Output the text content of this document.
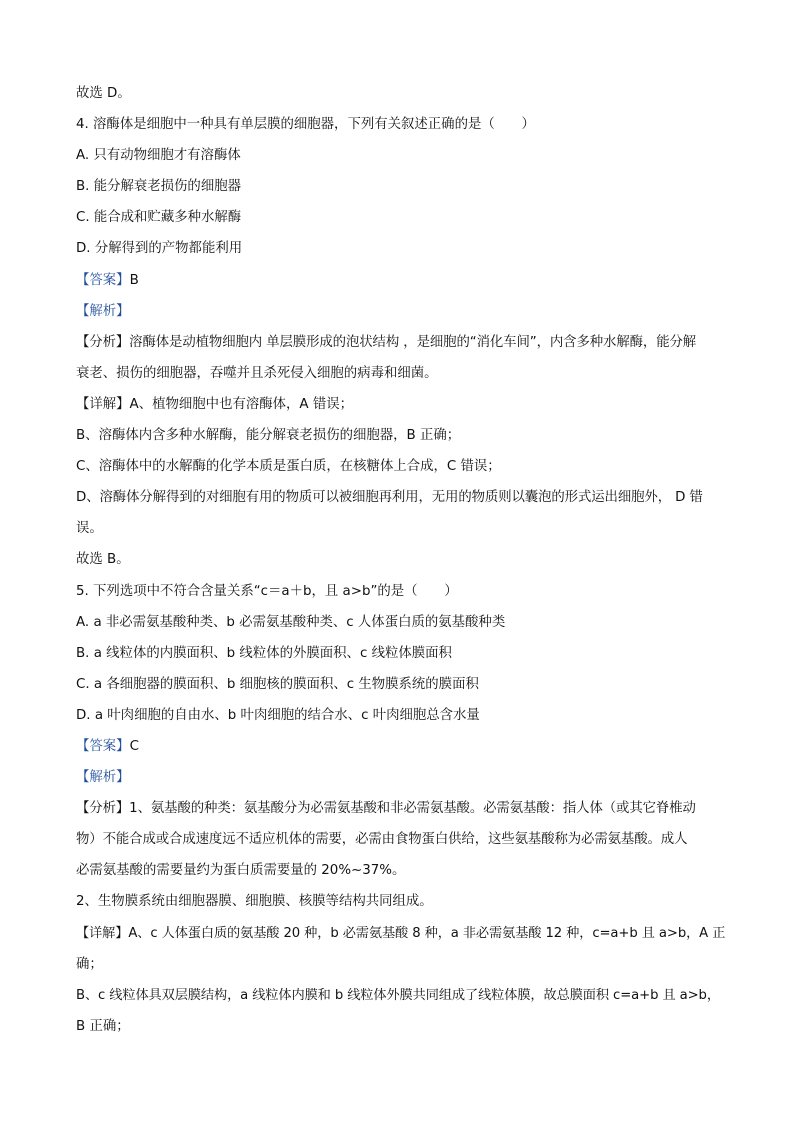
故选 D。
4. 溶酶体是细胞中一种具有单层膜的细胞器，下列有关叙述正确的是（　　）
A. 只有动物细胞才有溶酶体
B. 能分解衰老损伤的细胞器
C. 能合成和贮藏多种水解酶
D. 分解得到的产物都能利用
【答案】B
【解析】
【分析】溶酶体是动植物细胞内 单层膜形成的泡状结构 ，是细胞的“消化车间”，内含多种水解酶，能分解
衰老、损伤的细胞器，吞噬并且杀死侵入细胞的病毒和细菌。
【详解】A、植物细胞中也有溶酶体，A 错误；
B、溶酶体内含多种水解酶，能分解衰老损伤的细胞器，B 正确；
C、溶酶体中的水解酶的化学本质是蛋白质，在核糖体上合成，C 错误；
D、溶酶体分解得到的对细胞有用的物质可以被细胞再利用，无用的物质则以囊泡的形式运出细胞外， D 错
误。
故选 B。
5. 下列选项中不符合含量关系“c＝a＋b，且 a>b”的是（　　）
A. a 非必需氨基酸种类、b 必需氨基酸种类、c 人体蛋白质的氨基酸种类
B. a 线粒体的内膜面积、b 线粒体的外膜面积、c 线粒体膜面积
C. a 各细胞器的膜面积、b 细胞核的膜面积、c 生物膜系统的膜面积
D. a 叶肉细胞的自由水、b 叶肉细胞的结合水、c 叶肉细胞总含水量
【答案】C
【解析】
【分析】1、氨基酸的种类：氨基酸分为必需氨基酸和非必需氨基酸。必需氨基酸：指人体（或其它脊椎动
物）不能合成或合成速度远不适应机体的需要，必需由食物蛋白供给，这些氨基酸称为必需氨基酸。成人
必需氨基酸的需要量约为蛋白质需要量的 20%~37%。
2、生物膜系统由细胞器膜、细胞膜、核膜等结构共同组成。
【详解】A、c 人体蛋白质的氨基酸 20 种，b 必需氨基酸 8 种，a 非必需氨基酸 12 种，c=a+b 且 a>b，A 正
确；
B、c 线粒体具双层膜结构，a 线粒体内膜和 b 线粒体外膜共同组成了线粒体膜，故总膜面积 c=a+b 且 a>b，
B 正确；
